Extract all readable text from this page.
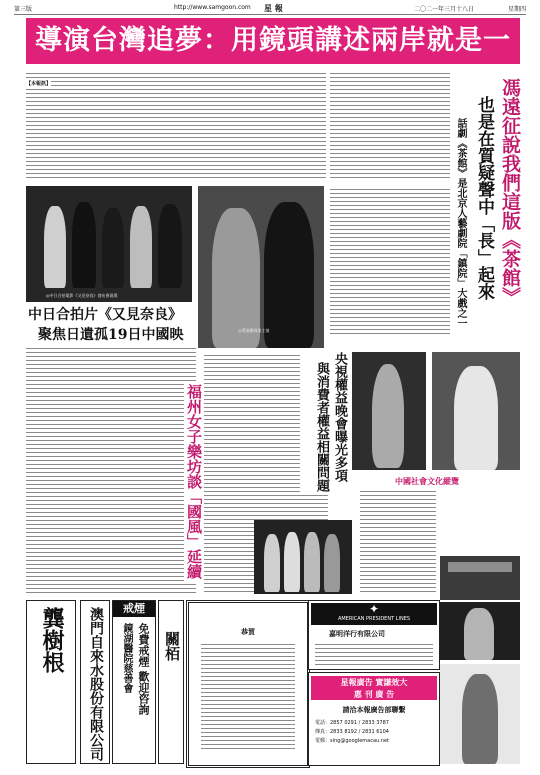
第三版	http://www.samgoon.com 星 報	二〇二一年三月十八日	星期四
導演台灣追夢：用鏡頭講述兩岸就是一
【本報訊】	馮遠征說我們這版《茶館》
也是在質疑聲中「長」起來
話劇《茶館》是北京人藝劇院「鎮院」大戲之一
◎中日合拍電影《又見奈良》發布會現場
◎導演鵬飛與主演
中日合拍片《又見奈良》
聚焦日遺孤19日中國映
福州女子樂坊談「國風」延續	央視權益晚會曝光多項
與消費者權益相關問題	中國社會文化縱覽
龔樹根 澳門自來水股份有限公司	戒煙
免費戒煙 歡迎咨詢
鏡湖醫院慈善會 關栢	恭賀
✦
AMERICAN PRESIDENT LINES
嘉明洋行有限公司
星報廣告 實謙效大
惠 刊 廣 告
請洽本報廣告部聯繫
電話：2857 0291 / 2833 3787
傳真：2833 8192 / 2831 6104
電郵：sing@googlemacau.net
